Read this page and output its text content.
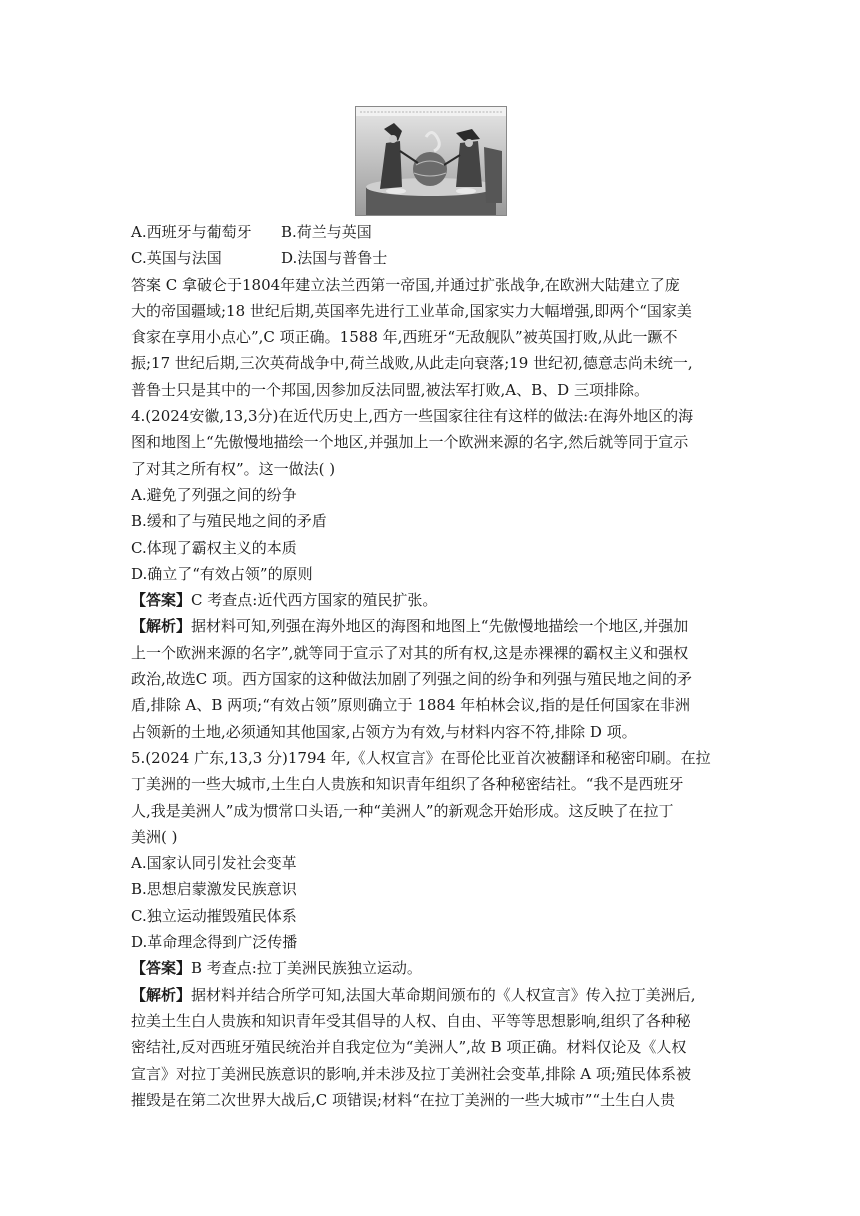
A.西班牙与葡萄牙 B.荷兰与英国
C.英国与法国	D.法国与普鲁士
答案 C 拿破仑于1804年建立法兰西第一帝国,并通过扩张战争,在欧洲大陆建立了庞
大的帝国疆域;18 世纪后期,英国率先进行工业革命,国家实力大幅增强,即两个“国家美
食家在享用小点心”,C 项正确。1588 年,西班牙“无敌舰队”被英国打败,从此一蹶不
振;17 世纪后期,三次英荷战争中,荷兰战败,从此走向衰落;19 世纪初,德意志尚未统一,
普鲁士只是其中的一个邦国,因参加反法同盟,被法军打败,A、B、D 三项排除。
4.(2024安徽,13,3分)在近代历史上,西方一些国家往往有这样的做法:在海外地区的海
图和地图上“先傲慢地描绘一个地区,并强加上一个欧洲来源的名字,然后就等同于宣示
了对其之所有权”。这一做法( )
A.避免了列强之间的纷争
B.缓和了与殖民地之间的矛盾
C.体现了霸权主义的本质
D.确立了“有效占领”的原则
【答案】C 考查点:近代西方国家的殖民扩张。
【解析】据材料可知,列强在海外地区的海图和地图上“先傲慢地描绘一个地区,并强加
上一个欧洲来源的名字”,就等同于宣示了对其的所有权,这是赤裸裸的霸权主义和强权
政治,故选C 项。西方国家的这种做法加剧了列强之间的纷争和列强与殖民地之间的矛
盾,排除 A、B 两项;“有效占领”原则确立于 1884 年柏林会议,指的是任何国家在非洲
占领新的土地,必须通知其他国家,占领方为有效,与材料内容不符,排除 D 项。
5.(2024 广东,13,3 分)1794 年,《人权宣言》在哥伦比亚首次被翻译和秘密印刷。在拉
丁美洲的一些大城市,土生白人贵族和知识青年组织了各种秘密结社。“我不是西班牙
人,我是美洲人”成为惯常口头语,一种“美洲人”的新观念开始形成。这反映了在拉丁
美洲( )
A.国家认同引发社会变革
B.思想启蒙激发民族意识
C.独立运动摧毁殖民体系
D.革命理念得到广泛传播
【答案】B 考查点:拉丁美洲民族独立运动。
【解析】据材料并结合所学可知,法国大革命期间颁布的《人权宣言》传入拉丁美洲后,
拉美土生白人贵族和知识青年受其倡导的人权、自由、平等等思想影响,组织了各种秘
密结社,反对西班牙殖民统治并自我定位为“美洲人”,故 B 项正确。材料仅论及《人权
宣言》对拉丁美洲民族意识的影响,并未涉及拉丁美洲社会变革,排除 A 项;殖民体系被
摧毁是在第二次世界大战后,C 项错误;材料“在拉丁美洲的一些大城市”“土生白人贵
